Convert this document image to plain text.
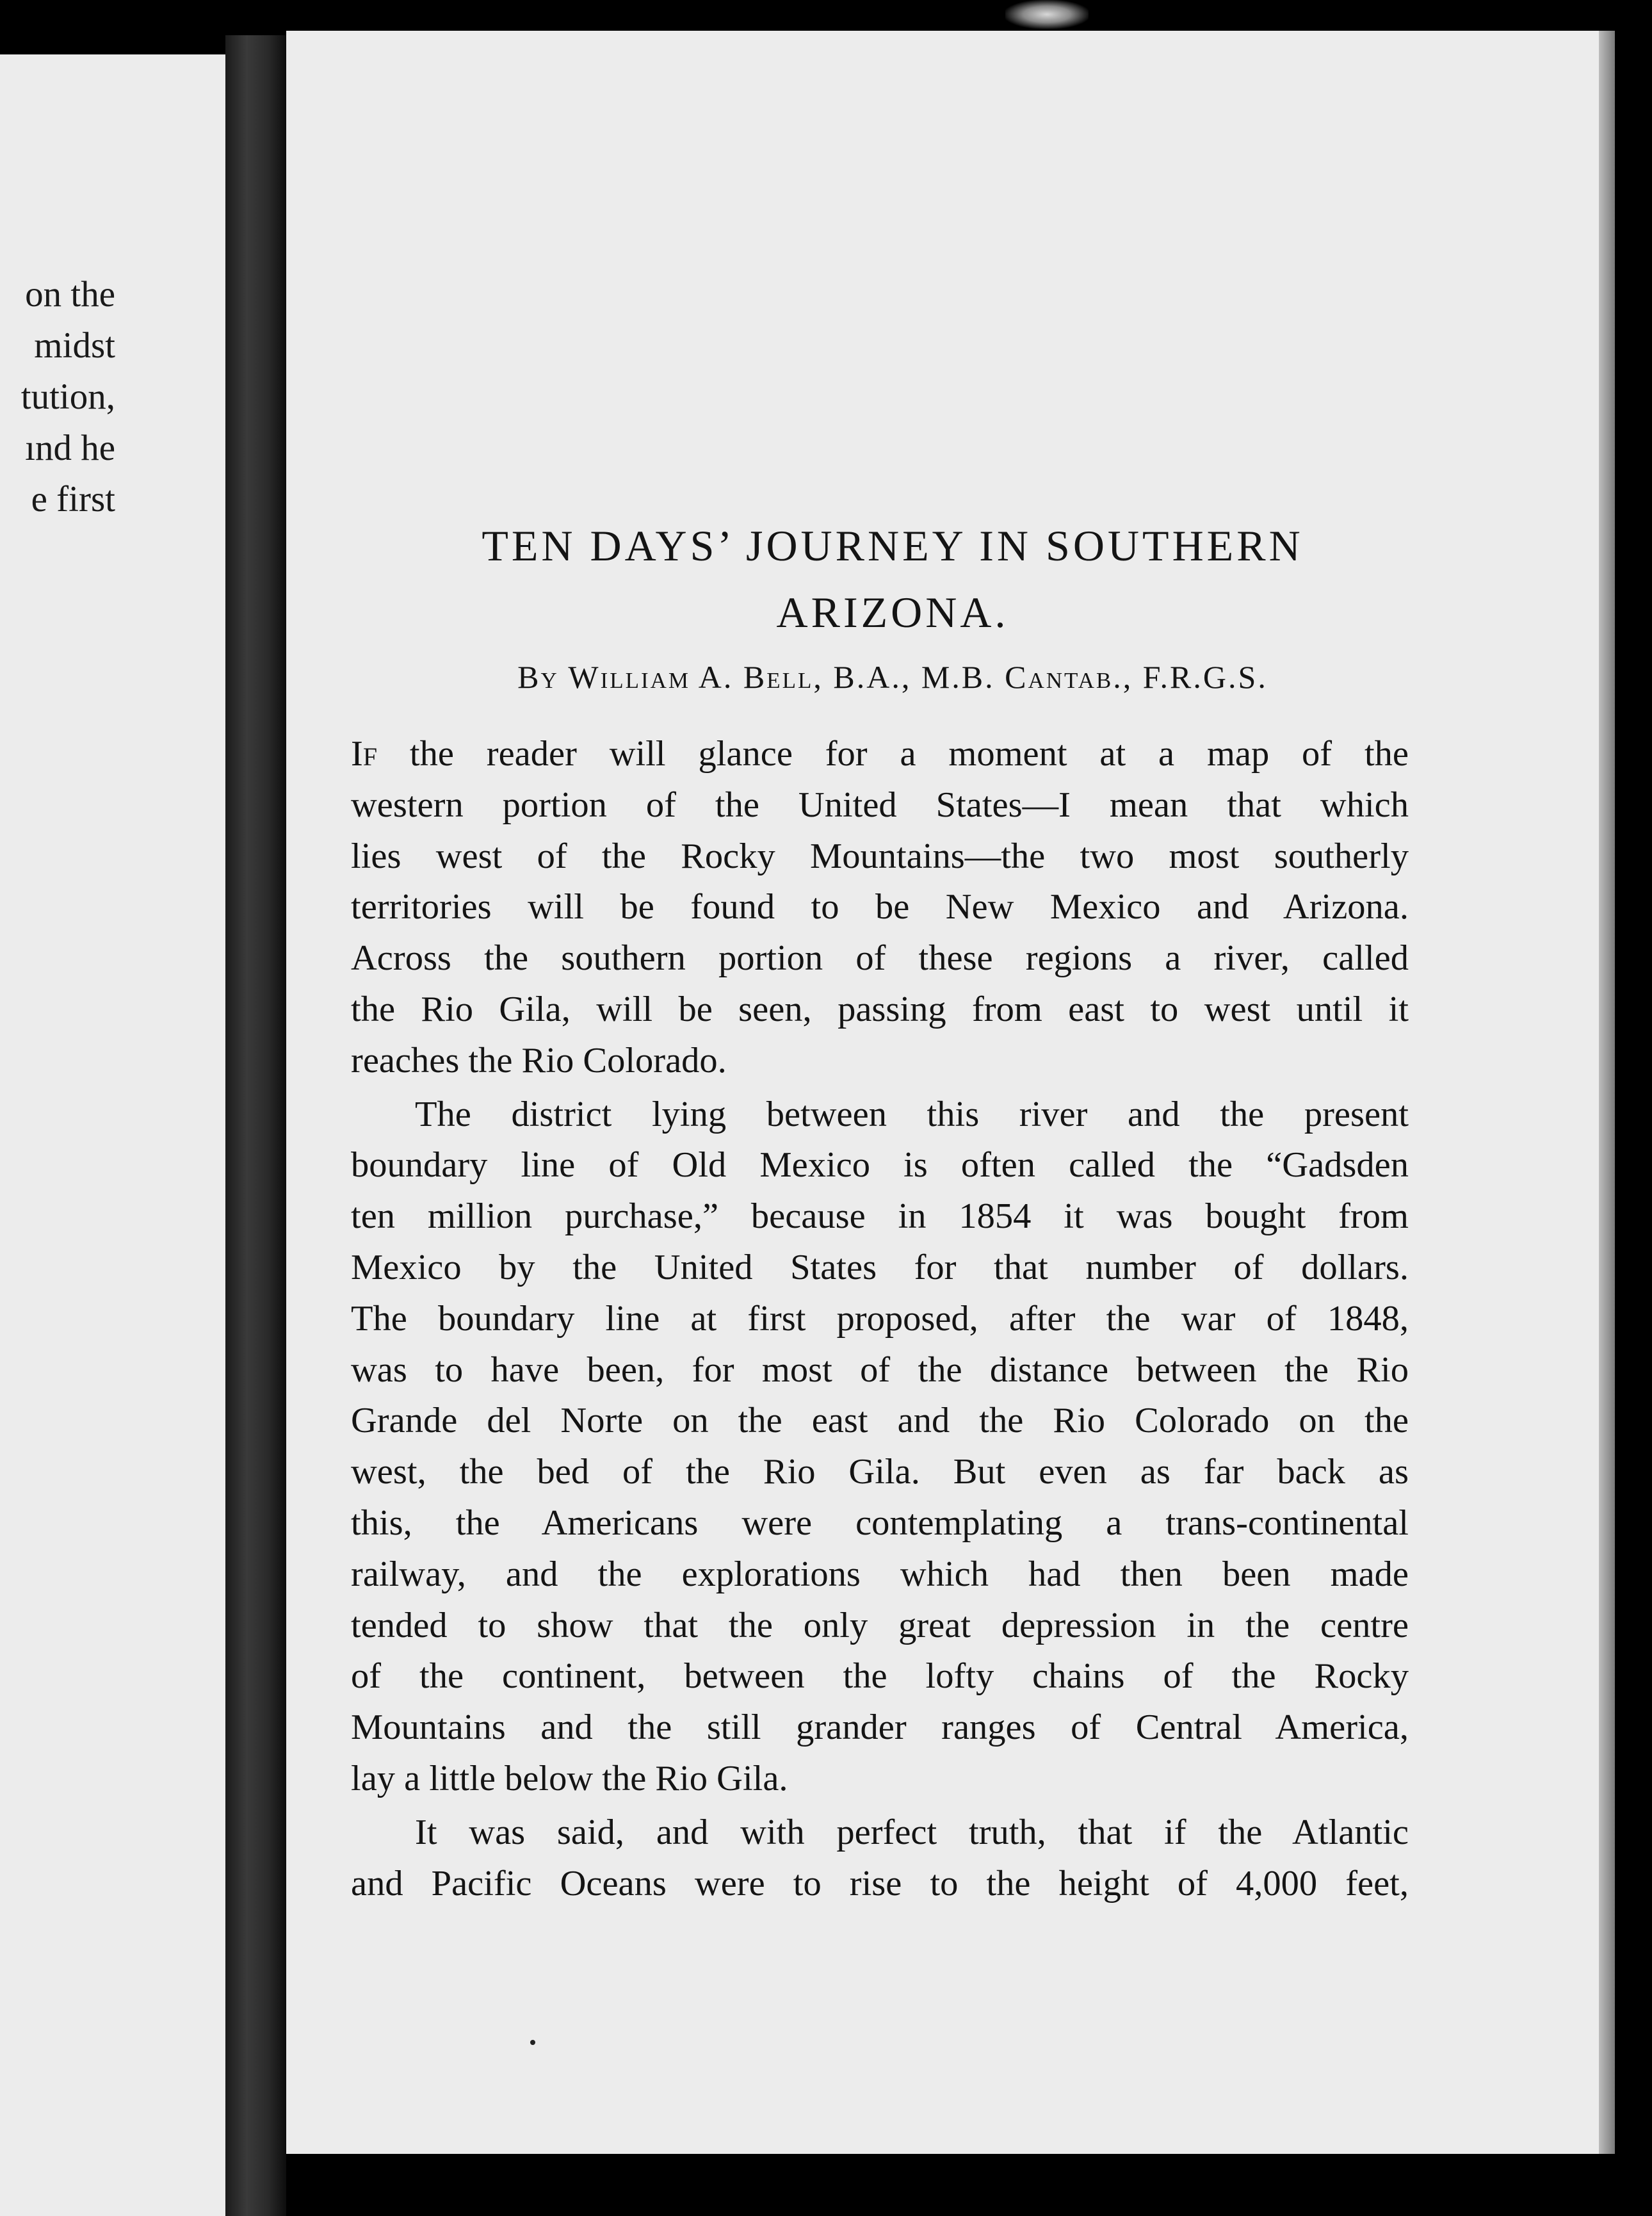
on the
midst
tution,
ınd he
e first
TEN DAYS’ JOURNEY IN SOUTHERN
ARIZONA.
By William A. Bell, B.A., M.B. Cantab., F.R.G.S.
If the reader will glance for a moment at a map of the
western portion of the United States—I mean that which
lies west of the Rocky Mountains—the two most southerly
territories will be found to be New Mexico and Arizona.
Across the southern portion of these regions a river, called
the Rio Gila, will be seen, passing from east to west until it
reaches the Rio Colorado.
The district lying between this river and the present
boundary line of Old Mexico is often called the “Gadsden
ten million purchase,” because in 1854 it was bought from
Mexico by the United States for that number of dollars.
The boundary line at first proposed, after the war of 1848,
was to have been, for most of the distance between the Rio
Grande del Norte on the east and the Rio Colorado on the
west, the bed of the Rio Gila. But even as far back as
this, the Americans were contemplating a trans-continental
railway, and the explorations which had then been made
tended to show that the only great depression in the centre
of the continent, between the lofty chains of the Rocky
Mountains and the still grander ranges of Central America,
lay a little below the Rio Gila.
It was said, and with perfect truth, that if the Atlantic
and Pacific Oceans were to rise to the height of 4,000 feet,
